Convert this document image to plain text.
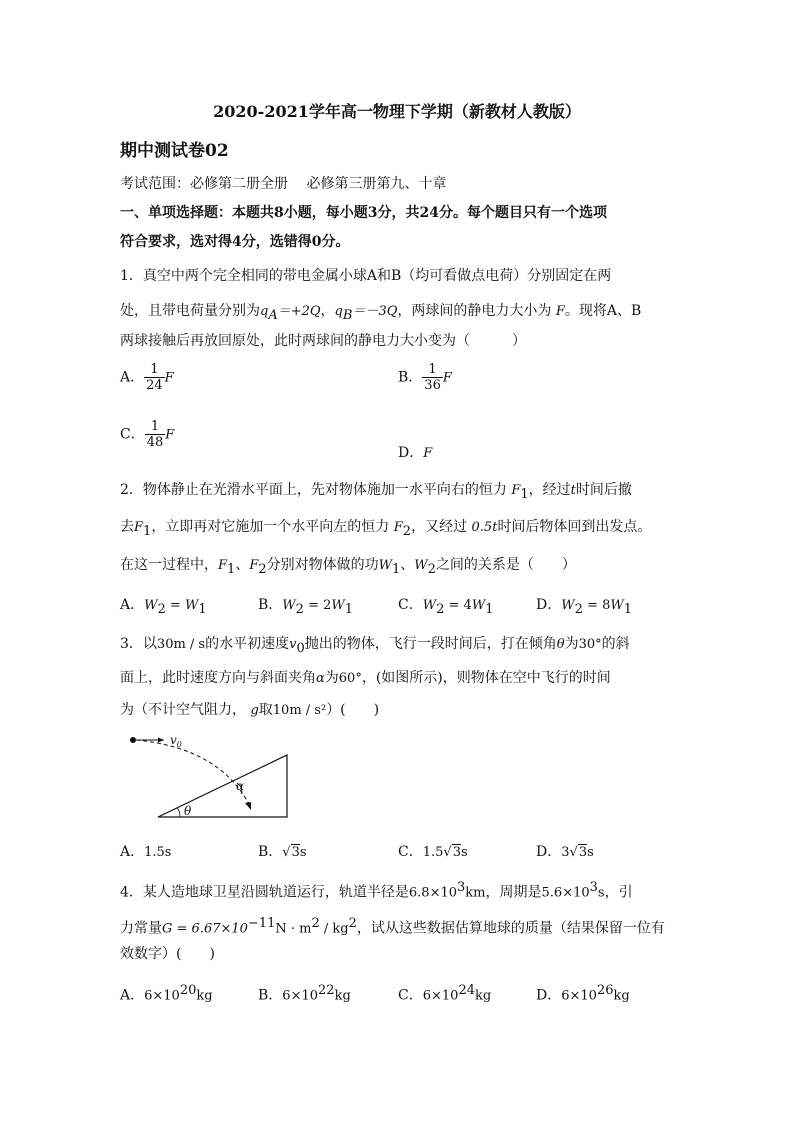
2020-2021学年高一物理下学期（新教材人教版）
期中测试卷02
考试范围：必修第二册全册　 必修第三册第九、十章
一、单项选择题：本题共8小题，每小题3分，共24分。每个题目只有一个选项
符合要求，选对得4分，选错得0分。
1．真空中两个完全相同的带电金属小球A和B（均可看做点电荷）分别固定在两
处，且带电荷量分别为$q_A=+2Q$，$q_B=-3Q$，两球间的静电力大小为 F。现将A、B
两球接触后再放回原处，此时两球间的静电力大小变为（　　　）
A． $\frac{1}{24}$ F	B． $\frac{1}{36}$ F
C． $\frac{1}{48}$ F
D．F
2．物体静止在光滑水平面上，先对物体施加一水平向右的恒力 $F_1$，经过t时间后撤
去$F_1$，立即再对它施加一个水平向左的恒力 $F_2$，又经过 0.5t时间后物体回到出发点。
在这一过程中，$F_1$、$F_2$分别对物体做的功$W_1$、$W_2$之间的关系是（　　）
A．$W_2 = W_1$	B．$W_2 = 2W_1$	C．$W_2 = 4W_1$	D．$W_2 = 8W_1$
3．以30m / s的水平初速度$v_0$抛出的物体，飞行一段时间后，打在倾角θ为30°的斜
面上，此时速度方向与斜面夹角α为60°，(如图所示)，则物体在空中飞行的时间
为（不计空气阻力， g取10m / s²）(　　)
$v_0$
α
θ
A．1.5s	B．√3s	C．1.5√3s	D．3√3s
4．某人造地球卫星沿圆轨道运行，轨道半径是$6.8\times 10^3km$，周期是$5.6\times 10^3s$，引
力常量$G = 6.67\times 10^{-11}N \cdot m^2 / kg^2$，试从这些数据估算地球的质量（结果保留一位有
效数字）(　　)
A．$6\times 10^{20}kg$	B．$6\times 10^{22}kg$	C．$6\times 10^{24}kg$	D．$6\times 10^{26}kg$
